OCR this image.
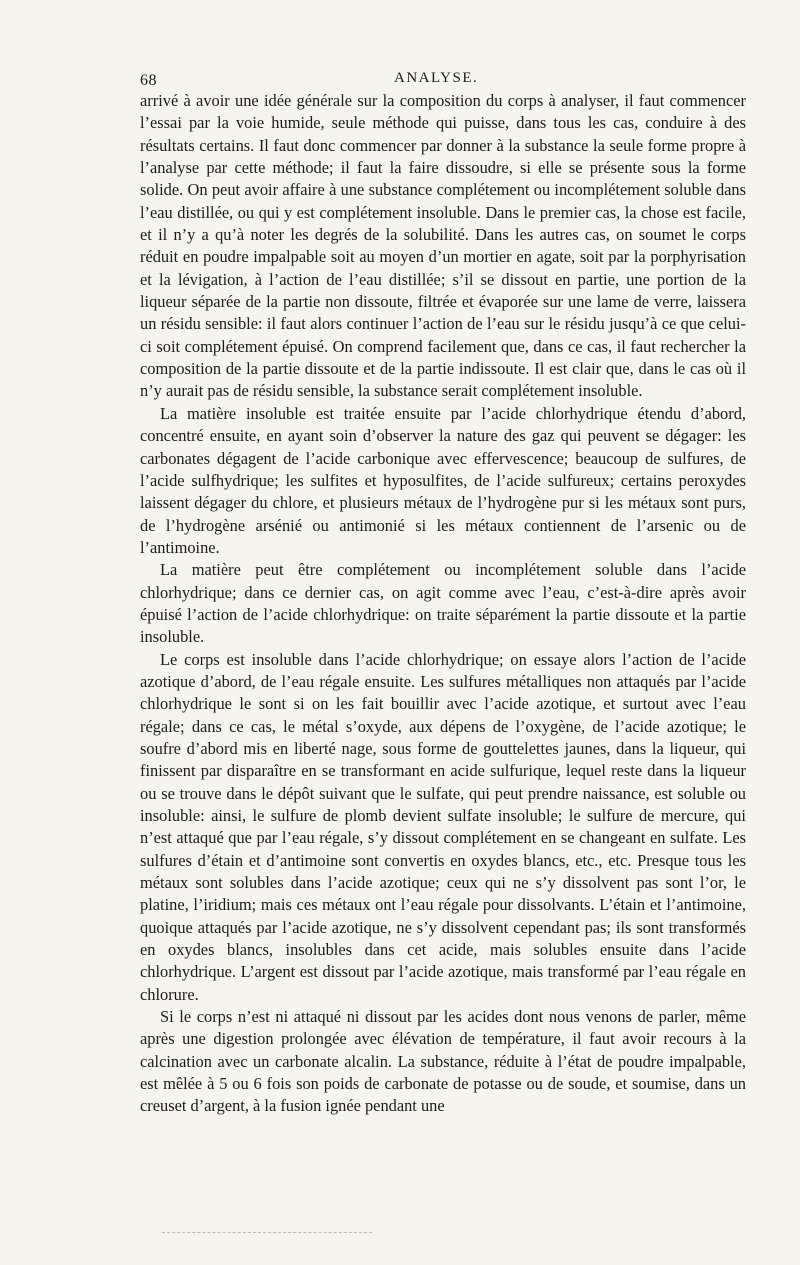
68	ANALYSE.

arrivé à avoir une idée générale sur la composition du corps à analyser, il faut commencer l’essai par la voie humide, seule méthode qui puisse, dans tous les cas, conduire à des résultats certains. Il faut donc commencer par donner à la substance la seule forme propre à l’analyse par cette méthode; il faut la faire dissoudre, si elle se présente sous la forme solide. On peut avoir affaire à une substance complétement ou incomplétement soluble dans l’eau distillée, ou qui y est complétement insoluble. Dans le premier cas, la chose est facile, et il n’y a qu’à noter les degrés de la solubilité. Dans les autres cas, on soumet le corps réduit en poudre impalpable soit au moyen d’un mortier en agate, soit par la porphyrisation et la lévigation, à l’action de l’eau distillée; s’il se dissout en partie, une portion de la liqueur séparée de la partie non dissoute, filtrée et évaporée sur une lame de verre, laissera un résidu sensible: il faut alors continuer l’action de l’eau sur le résidu jusqu’à ce que celui-ci soit complétement épuisé. On comprend facilement que, dans ce cas, il faut rechercher la composition de la partie dissoute et de la partie indissoute. Il est clair que, dans le cas où il n’y aurait pas de résidu sensible, la substance serait complétement insoluble.

La matière insoluble est traitée ensuite par l’acide chlorhydrique étendu d’abord, concentré ensuite, en ayant soin d’observer la nature des gaz qui peuvent se dégager: les carbonates dégagent de l’acide carbonique avec effervescence; beaucoup de sulfures, de l’acide sulfhydrique; les sulfites et hyposulfites, de l’acide sulfureux; certains peroxydes laissent dégager du chlore, et plusieurs métaux de l’hydrogène pur si les métaux sont purs, de l’hydrogène arsénié ou antimonié si les métaux contiennent de l’arsenic ou de l’antimoine.

La matière peut être complétement ou incomplétement soluble dans l’acide chlorhydrique; dans ce dernier cas, on agit comme avec l’eau, c’est-à-dire après avoir épuisé l’action de l’acide chlorhydrique: on traite séparément la partie dissoute et la partie insoluble.

Le corps est insoluble dans l’acide chlorhydrique; on essaye alors l’action de l’acide azotique d’abord, de l’eau régale ensuite. Les sulfures métalliques non attaqués par l’acide chlorhydrique le sont si on les fait bouillir avec l’acide azotique, et surtout avec l’eau régale; dans ce cas, le métal s’oxyde, aux dépens de l’oxygène, de l’acide azotique; le soufre d’abord mis en liberté nage, sous forme de gouttelettes jaunes, dans la liqueur, qui finissent par disparaître en se transformant en acide sulfurique, lequel reste dans la liqueur ou se trouve dans le dépôt suivant que le sulfate, qui peut prendre naissance, est soluble ou insoluble: ainsi, le sulfure de plomb devient sulfate insoluble; le sulfure de mercure, qui n’est attaqué que par l’eau régale, s’y dissout complétement en se changeant en sulfate. Les sulfures d’étain et d’antimoine sont convertis en oxydes blancs, etc., etc. Presque tous les métaux sont solubles dans l’acide azotique; ceux qui ne s’y dissolvent pas sont l’or, le platine, l’iridium; mais ces métaux ont l’eau régale pour dissolvants. L’étain et l’antimoine, quoique attaqués par l’acide azotique, ne s’y dissolvent cependant pas; ils sont transformés en oxydes blancs, insolubles dans cet acide, mais solubles ensuite dans l’acide chlorhydrique. L’argent est dissout par l’acide azotique, mais transformé par l’eau régale en chlorure.

Si le corps n’est ni attaqué ni dissout par les acides dont nous venons de parler, même après une digestion prolongée avec élévation de température, il faut avoir recours à la calcination avec un carbonate alcalin. La substance, réduite à l’état de poudre impalpable, est mêlée à 5 ou 6 fois son poids de carbonate de potasse ou de soude, et soumise, dans un creuset d’argent, à la fusion ignée pendant une
